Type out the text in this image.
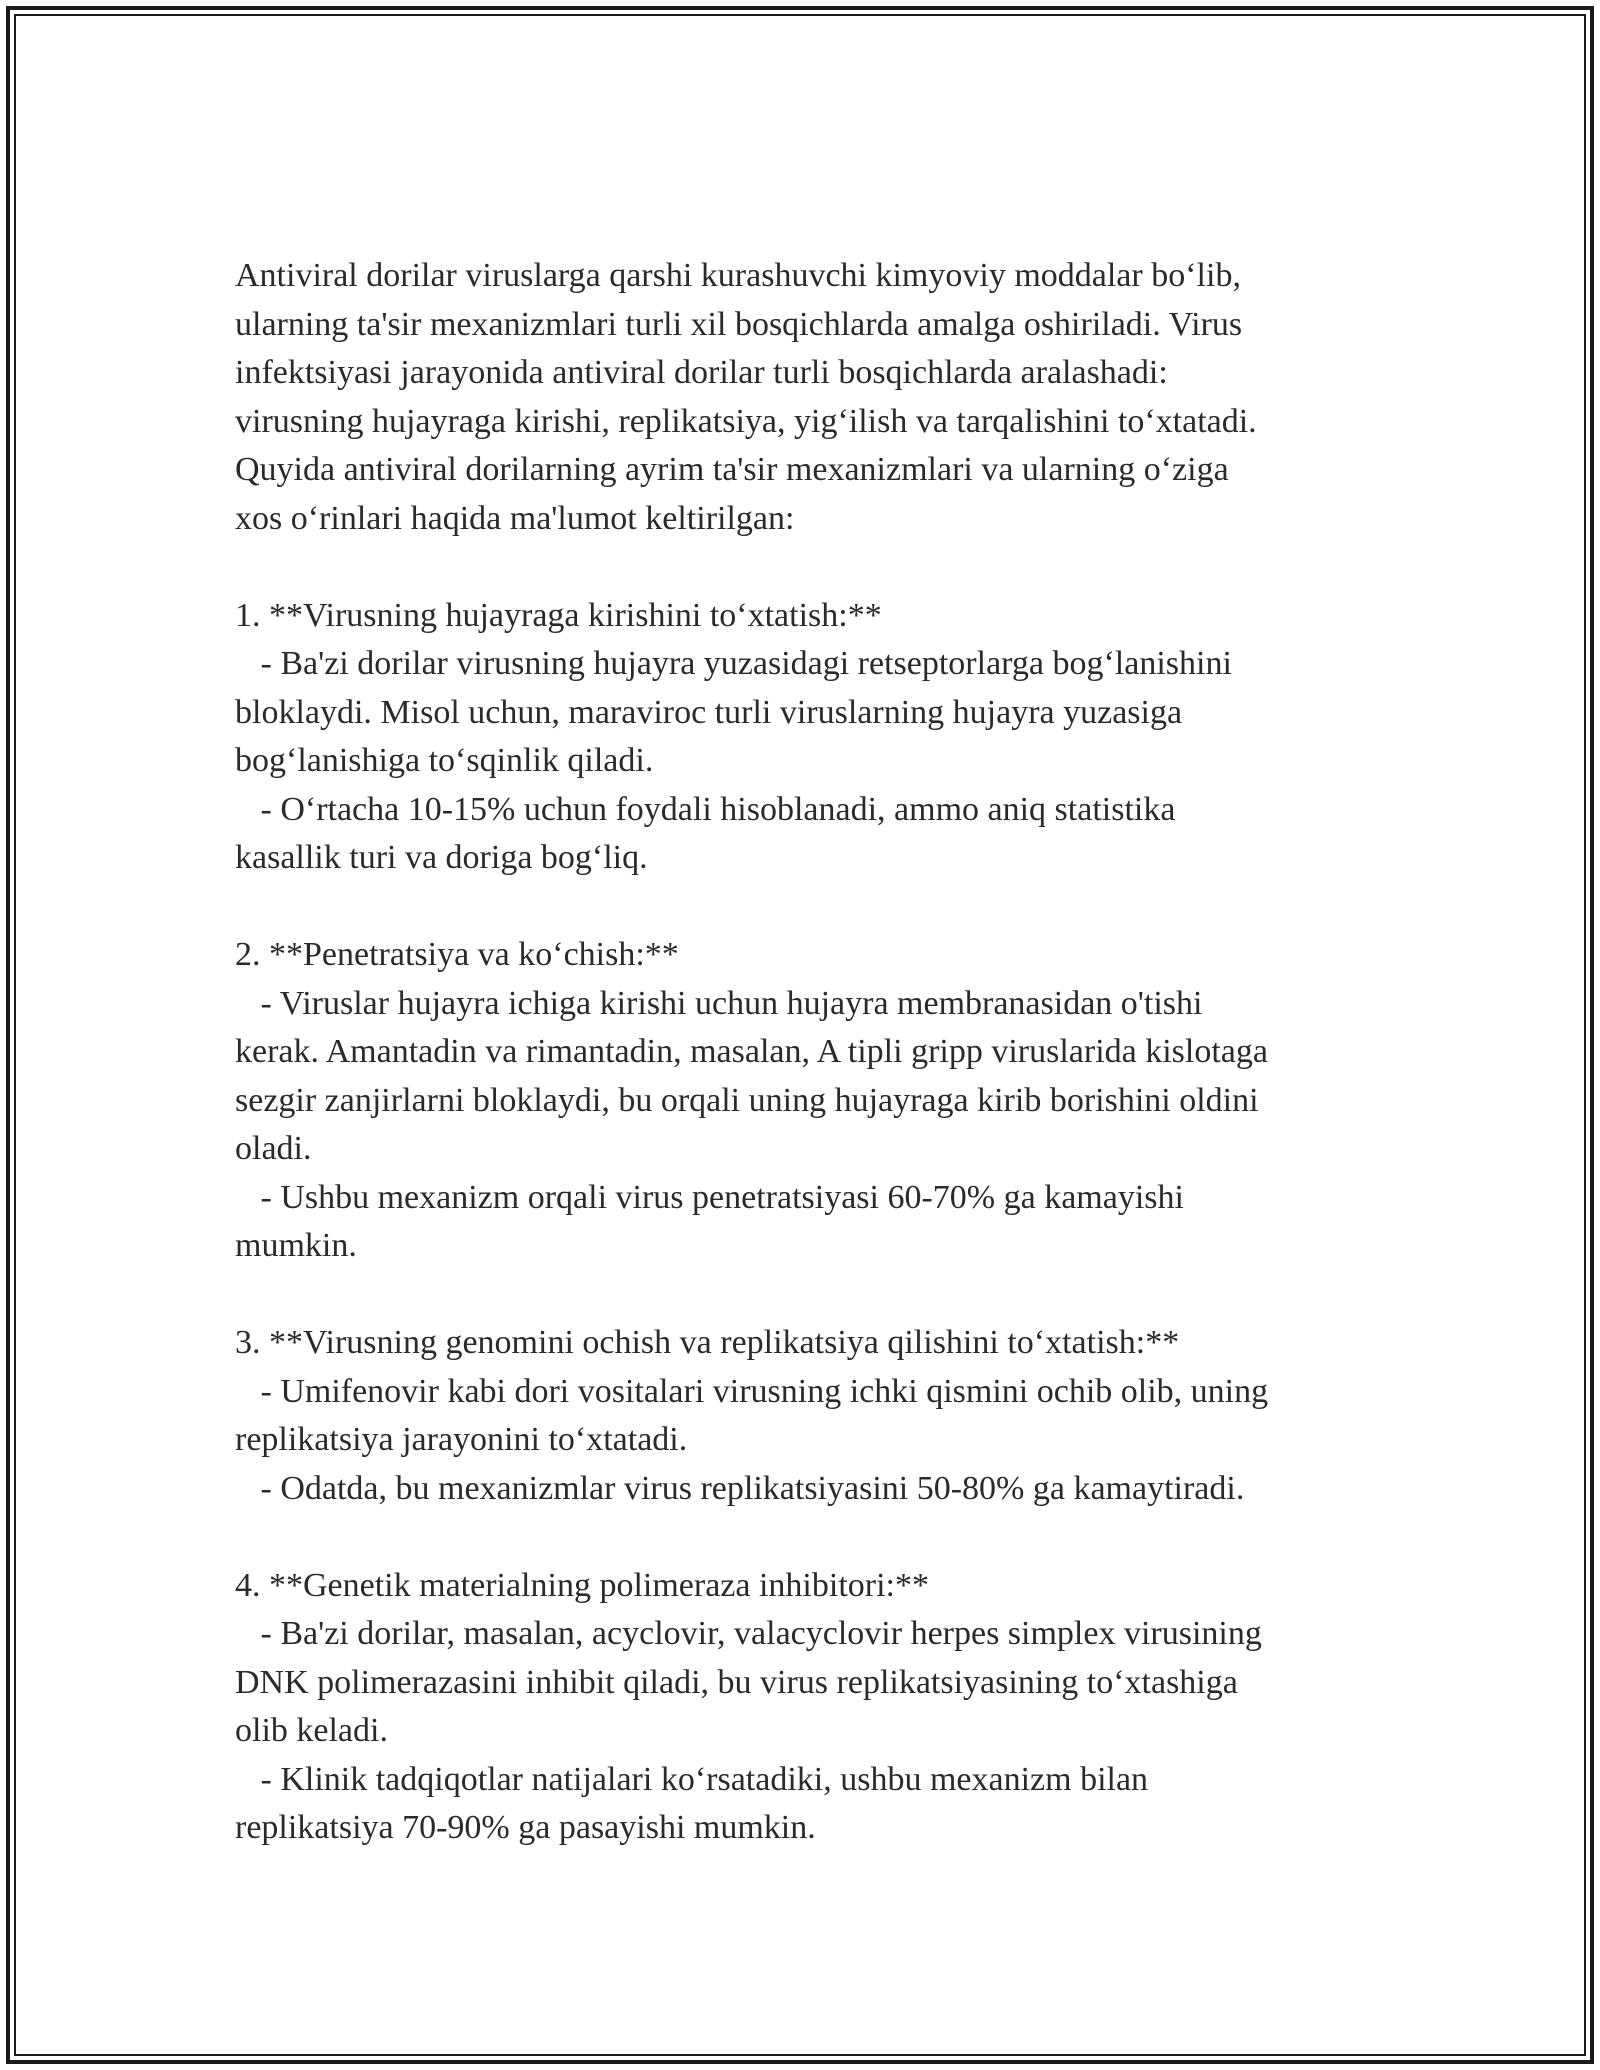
Antiviral dorilar viruslarga qarshi kurashuvchi kimyoviy moddalar bo‘lib,
ularning ta'sir mexanizmlari turli xil bosqichlarda amalga oshiriladi. Virus
infektsiyasi jarayonida antiviral dorilar turli bosqichlarda aralashadi:
virusning hujayraga kirishi, replikatsiya, yig‘ilish va tarqalishini to‘xtatadi.
Quyida antiviral dorilarning ayrim ta'sir mexanizmlari va ularning o‘ziga
xos o‘rinlari haqida ma'lumot keltirilgan:

1. **Virusning hujayraga kirishini to‘xtatish:**
- Ba'zi dorilar virusning hujayra yuzasidagi retseptorlarga bog‘lanishini
bloklaydi. Misol uchun, maraviroc turli viruslarning hujayra yuzasiga
bog‘lanishiga to‘sqinlik qiladi.
- O‘rtacha 10-15% uchun foydali hisoblanadi, ammo aniq statistika
kasallik turi va doriga bog‘liq.

2. **Penetratsiya va ko‘chish:**
- Viruslar hujayra ichiga kirishi uchun hujayra membranasidan o'tishi
kerak. Amantadin va rimantadin, masalan, A tipli gripp viruslarida kislotaga
sezgir zanjirlarni bloklaydi, bu orqali uning hujayraga kirib borishini oldini
oladi.
- Ushbu mexanizm orqali virus penetratsiyasi 60-70% ga kamayishi
mumkin.

3. **Virusning genomini ochish va replikatsiya qilishini to‘xtatish:**
- Umifenovir kabi dori vositalari virusning ichki qismini ochib olib, uning
replikatsiya jarayonini to‘xtatadi.
- Odatda, bu mexanizmlar virus replikatsiyasini 50-80% ga kamaytiradi.

4. **Genetik materialning polimeraza inhibitori:**
- Ba'zi dorilar, masalan, acyclovir, valacyclovir herpes simplex virusining
DNK polimerazasini inhibit qiladi, bu virus replikatsiyasining to‘xtashiga
olib keladi.
- Klinik tadqiqotlar natijalari ko‘rsatadiki, ushbu mexanizm bilan
replikatsiya 70-90% ga pasayishi mumkin.
